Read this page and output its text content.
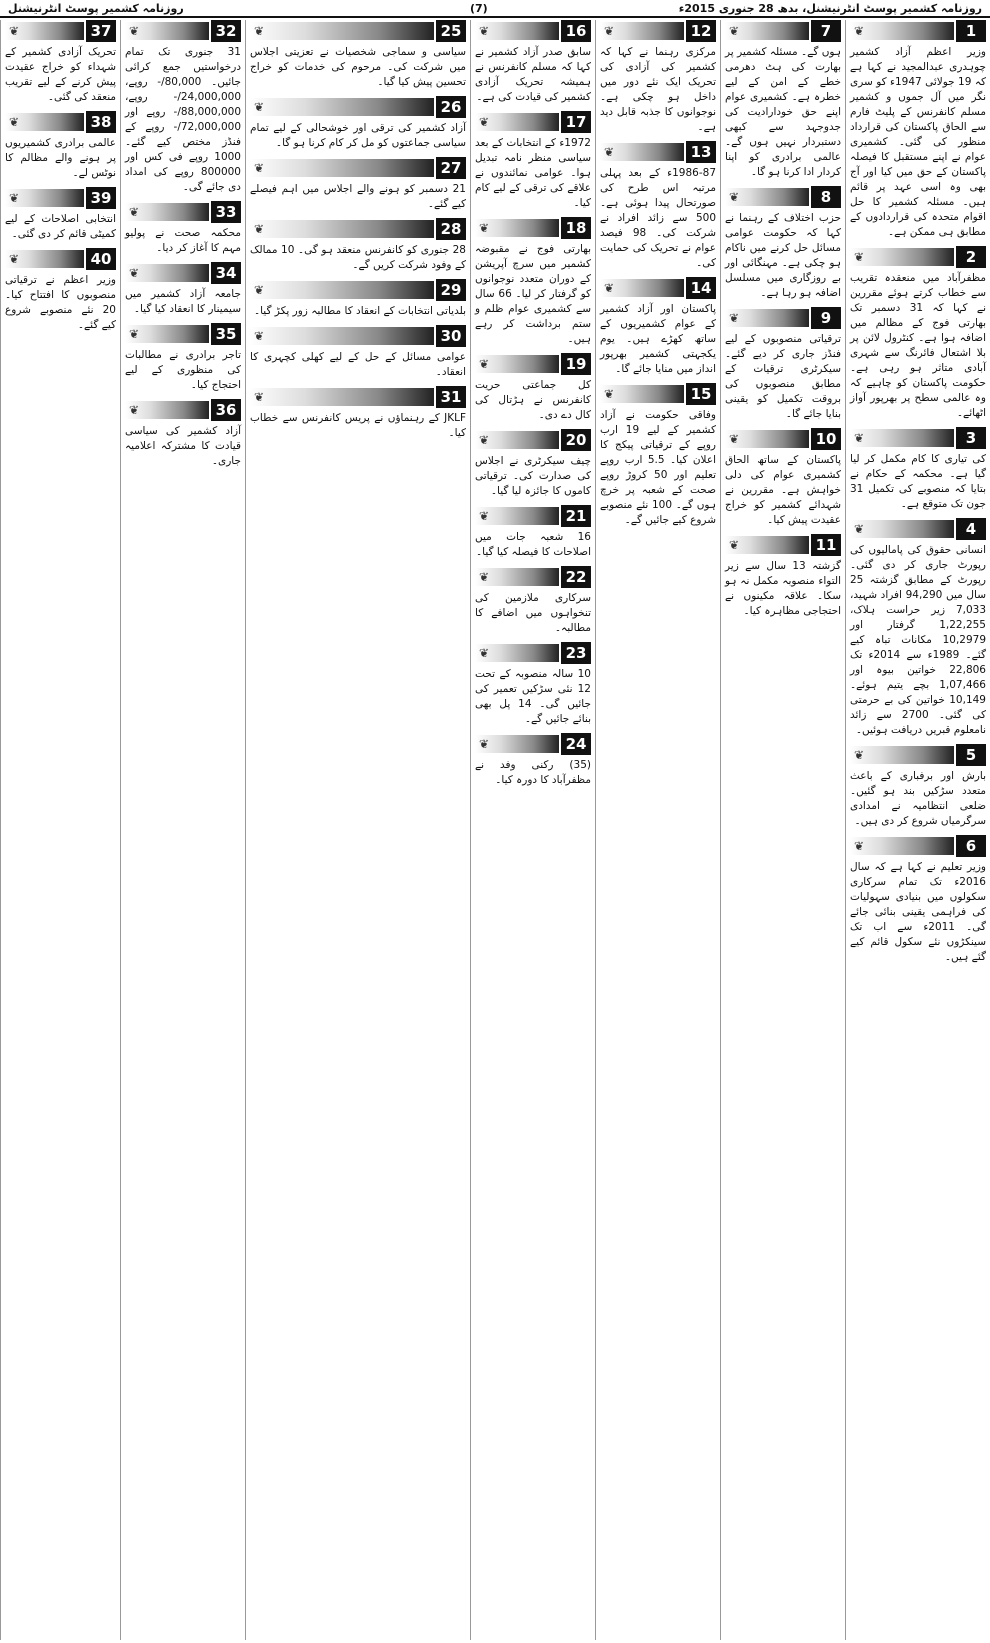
روزنامہ کشمیر پوسٹ انٹرنیشنل	(7)	روزنامہ کشمیر پوسٹ انٹرنیشنل، بدھ 28 جنوری 2015ء
1
❦
وزیر اعظم آزاد کشمیر چوہدری عبدالمجید نے کہا ہے کہ 19 جولائی 1947ء کو سری نگر میں آل جموں و کشمیر مسلم کانفرنس کے پلیٹ فارم سے الحاق پاکستان کی قرارداد منظور کی گئی۔ کشمیری عوام نے اپنے مستقبل کا فیصلہ پاکستان کے حق میں کیا اور آج بھی وہ اسی عہد پر قائم ہیں۔ مسئلہ کشمیر کا حل اقوام متحدہ کی قراردادوں کے مطابق ہی ممکن ہے۔
2
❦
مظفرآباد میں منعقدہ تقریب سے خطاب کرتے ہوئے مقررین نے کہا کہ 31 دسمبر تک بھارتی فوج کے مظالم میں اضافہ ہوا ہے۔ کنٹرول لائن پر بلا اشتعال فائرنگ سے شہری آبادی متاثر ہو رہی ہے۔ حکومت پاکستان کو چاہیے کہ وہ عالمی سطح پر بھرپور آواز اٹھائے۔
3
❦
کی تیاری کا کام مکمل کر لیا گیا ہے۔ محکمہ کے حکام نے بتایا کہ منصوبے کی تکمیل 31 جون تک متوقع ہے۔
4
❦
انسانی حقوق کی پامالیوں کی رپورٹ جاری کر دی گئی۔ رپورٹ کے مطابق گزشتہ 25 سال میں 94,290 افراد شہید، 7,033 زیر حراست ہلاک، 1,22,255 گرفتار اور 10,2979 مکانات تباہ کیے گئے۔ 1989ء سے 2014ء تک 22,806 خواتین بیوہ اور 1,07,466 بچے یتیم ہوئے۔ 10,149 خواتین کی بے حرمتی کی گئی۔ 2700 سے زائد نامعلوم قبریں دریافت ہوئیں۔
5
❦
بارش اور برفباری کے باعث متعدد سڑکیں بند ہو گئیں۔ ضلعی انتظامیہ نے امدادی سرگرمیاں شروع کر دی ہیں۔
6
❦
وزیر تعلیم نے کہا ہے کہ سال 2016ء تک تمام سرکاری سکولوں میں بنیادی سہولیات کی فراہمی یقینی بنائی جائے گی۔ 2011ء سے اب تک سینکڑوں نئے سکول قائم کیے گئے ہیں۔
7
❦
ہوں گے۔ مسئلہ کشمیر پر بھارت کی ہٹ دھرمی خطے کے امن کے لیے خطرہ ہے۔ کشمیری عوام اپنے حق خودارادیت کی جدوجہد سے کبھی دستبردار نہیں ہوں گے۔ عالمی برادری کو اپنا کردار ادا کرنا ہو گا۔
8
❦
حزب اختلاف کے رہنما نے کہا کہ حکومت عوامی مسائل حل کرنے میں ناکام ہو چکی ہے۔ مہنگائی اور بے روزگاری میں مسلسل اضافہ ہو رہا ہے۔
9
❦
ترقیاتی منصوبوں کے لیے فنڈز جاری کر دیے گئے۔ سیکرٹری ترقیات کے مطابق منصوبوں کی بروقت تکمیل کو یقینی بنایا جائے گا۔
10
❦
پاکستان کے ساتھ الحاق کشمیری عوام کی دلی خواہش ہے۔ مقررین نے شہدائے کشمیر کو خراج عقیدت پیش کیا۔
11
❦
گزشتہ 13 سال سے زیر التواء منصوبہ مکمل نہ ہو سکا۔ علاقہ مکینوں نے احتجاجی مظاہرہ کیا۔
12
❦
مرکزی رہنما نے کہا کہ کشمیر کی آزادی کی تحریک ایک نئے دور میں داخل ہو چکی ہے۔ نوجوانوں کا جذبہ قابل دید ہے۔
13
❦
1986-87ء کے بعد پہلی مرتبہ اس طرح کی صورتحال پیدا ہوئی ہے۔ 500 سے زائد افراد نے شرکت کی۔ 98 فیصد عوام نے تحریک کی حمایت کی۔
14
❦
پاکستان اور آزاد کشمیر کے عوام کشمیریوں کے ساتھ کھڑے ہیں۔ یوم یکجہتی کشمیر بھرپور انداز میں منایا جائے گا۔
15
❦
وفاقی حکومت نے آزاد کشمیر کے لیے 19 ارب روپے کے ترقیاتی پیکج کا اعلان کیا۔ 5.5 ارب روپے تعلیم اور 50 کروڑ روپے صحت کے شعبہ پر خرچ ہوں گے۔ 100 نئے منصوبے شروع کیے جائیں گے۔
16
❦
سابق صدر آزاد کشمیر نے کہا کہ مسلم کانفرنس نے ہمیشہ تحریک آزادی کشمیر کی قیادت کی ہے۔
17
❦
1972ء کے انتخابات کے بعد سیاسی منظر نامہ تبدیل ہوا۔ عوامی نمائندوں نے علاقے کی ترقی کے لیے کام کیا۔
18
❦
بھارتی فوج نے مقبوضہ کشمیر میں سرچ آپریشن کے دوران متعدد نوجوانوں کو گرفتار کر لیا۔ 66 سال سے کشمیری عوام ظلم و ستم برداشت کر رہے ہیں۔
19
❦
کل جماعتی حریت کانفرنس نے ہڑتال کی کال دے دی۔
20
❦
چیف سیکرٹری نے اجلاس کی صدارت کی۔ ترقیاتی کاموں کا جائزہ لیا گیا۔
21
❦
16 شعبہ جات میں اصلاحات کا فیصلہ کیا گیا۔
22
❦
سرکاری ملازمین کی تنخواہوں میں اضافے کا مطالبہ۔
23
❦
10 سالہ منصوبہ کے تحت 12 نئی سڑکیں تعمیر کی جائیں گی۔ 14 پل بھی بنائے جائیں گے۔
24
❦
(35) رکنی وفد نے مظفرآباد کا دورہ کیا۔
25
❦
سیاسی و سماجی شخصیات نے تعزیتی اجلاس میں شرکت کی۔ مرحوم کی خدمات کو خراج تحسین پیش کیا گیا۔
26
❦
آزاد کشمیر کی ترقی اور خوشحالی کے لیے تمام سیاسی جماعتوں کو مل کر کام کرنا ہو گا۔
27
❦
21 دسمبر کو ہونے والے اجلاس میں اہم فیصلے کیے گئے۔
28
❦
28 جنوری کو کانفرنس منعقد ہو گی۔ 10 ممالک کے وفود شرکت کریں گے۔
29
❦
بلدیاتی انتخابات کے انعقاد کا مطالبہ زور پکڑ گیا۔
30
❦
عوامی مسائل کے حل کے لیے کھلی کچہری کا انعقاد۔
31
❦
JKLF کے رہنماؤں نے پریس کانفرنس سے خطاب کیا۔
32
❦
31 جنوری تک تمام درخواستیں جمع کرائی جائیں۔ 80,000/- روپے، 24,000,000/- روپے، 88,000,000/- روپے اور 72,000,000/- روپے کے فنڈز مختص کیے گئے۔ 1000 روپے فی کس اور 800000 روپے کی امداد دی جائے گی۔
33
❦
محکمہ صحت نے پولیو مہم کا آغاز کر دیا۔
34
❦
جامعہ آزاد کشمیر میں سیمینار کا انعقاد کیا گیا۔
35
❦
تاجر برادری نے مطالبات کی منظوری کے لیے احتجاج کیا۔
36
❦
آزاد کشمیر کی سیاسی قیادت کا مشترکہ اعلامیہ جاری۔
37
❦
تحریک آزادی کشمیر کے شہداء کو خراج عقیدت پیش کرنے کے لیے تقریب منعقد کی گئی۔
38
❦
عالمی برادری کشمیریوں پر ہونے والے مظالم کا نوٹس لے۔
39
❦
انتخابی اصلاحات کے لیے کمیٹی قائم کر دی گئی۔
40
❦
وزیر اعظم نے ترقیاتی منصوبوں کا افتتاح کیا۔ 20 نئے منصوبے شروع کیے گئے۔
